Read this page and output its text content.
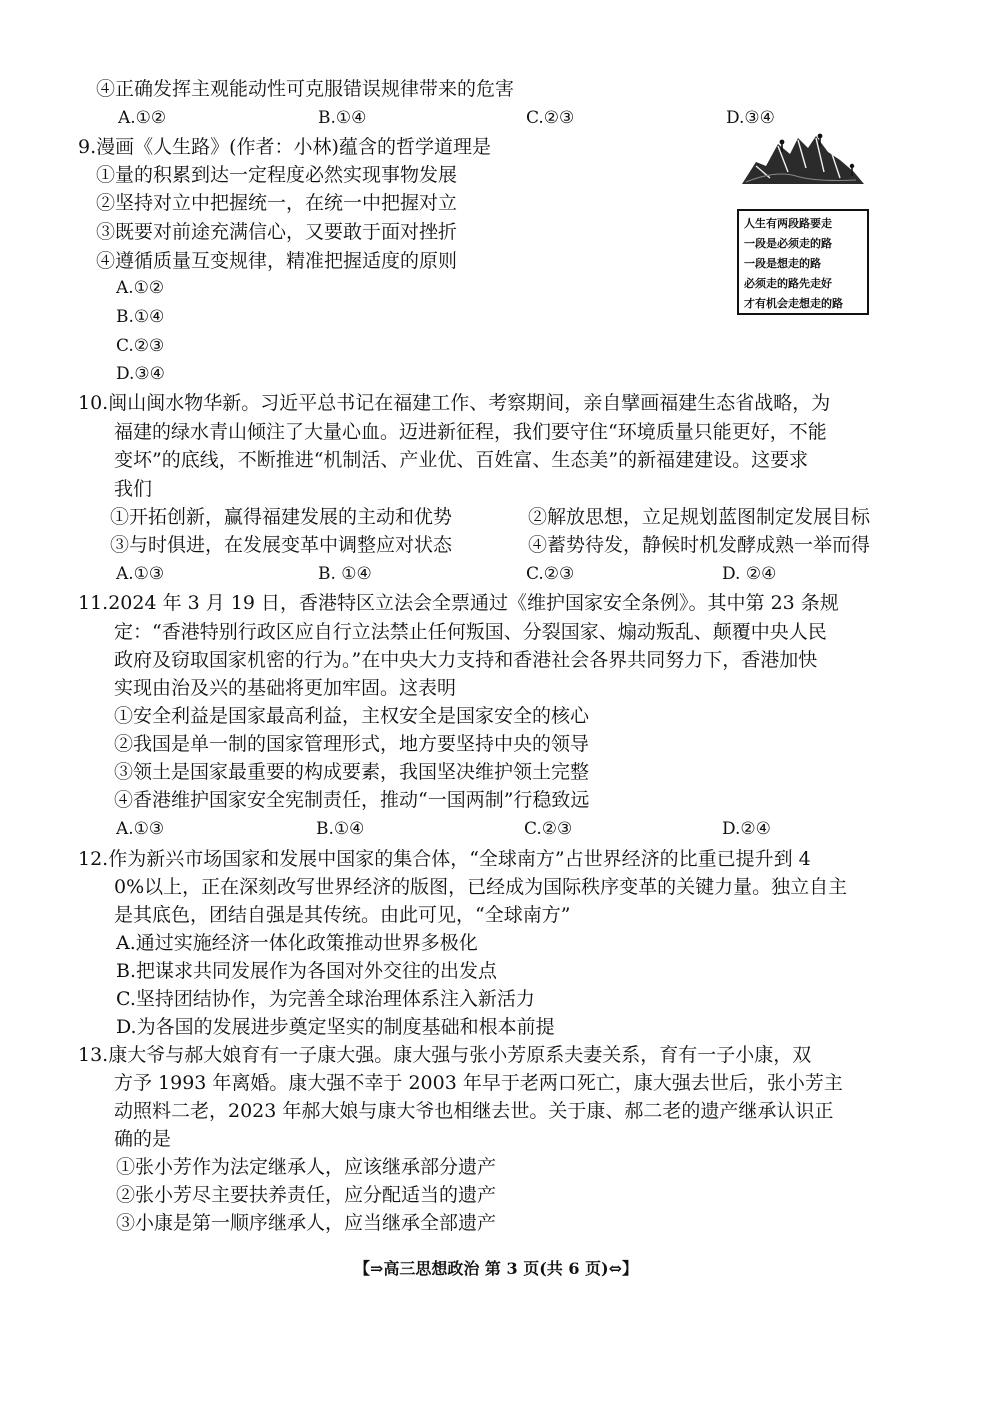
④正确发挥主观能动性可克服错误规律带来的危害
A.①②	B.①④	C.②③	D.③④
9.漫画《人生路》(作者：小林)蕴含的哲学道理是
①量的积累到达一定程度必然实现事物发展
②坚持对立中把握统一，在统一中把握对立
③既要对前途充满信心，又要敢于面对挫折
④遵循质量互变规律，精准把握适度的原则
A.①②
B.①④
C.②③
D.③④
人生有两段路要走
一段是必须走的路
一段是想走的路
必须走的路先走好
才有机会走想走的路
10.闽山闽水物华新。习近平总书记在福建工作、考察期间，亲自擘画福建生态省战略，为
福建的绿水青山倾注了大量心血。迈进新征程，我们要守住“环境质量只能更好，不能
变坏”的底线，不断推进“机制活、产业优、百姓富、生态美”的新福建建设。这要求
我们
①开拓创新，赢得福建发展的主动和优势	②解放思想，立足规划蓝图制定发展目标
③与时俱进，在发展变革中调整应对状态	④蓄势待发，静候时机发酵成熟一举而得
A.①③	B. ①④	C.②③	D. ②④
11.2024 年 3 月 19 日，香港特区立法会全票通过《维护国家安全条例》。其中第 23 条规
定：“香港特别行政区应自行立法禁止任何叛国、分裂国家、煽动叛乱、颠覆中央人民
政府及窃取国家机密的行为。”在中央大力支持和香港社会各界共同努力下，香港加快
实现由治及兴的基础将更加牢固。这表明
①安全利益是国家最高利益，主权安全是国家安全的核心
②我国是单一制的国家管理形式，地方要坚持中央的领导
③领土是国家最重要的构成要素，我国坚决维护领土完整
④香港维护国家安全宪制责任，推动“一国两制”行稳致远
A.①③	B.①④	C.②③	D.②④
12.作为新兴市场国家和发展中国家的集合体，“全球南方”占世界经济的比重已提升到 4
0%以上，正在深刻改写世界经济的版图，已经成为国际秩序变革的关键力量。独立自主
是其底色，团结自强是其传统。由此可见，“全球南方”
A.通过实施经济一体化政策推动世界多极化
B.把谋求共同发展作为各国对外交往的出发点
C.坚持团结协作，为完善全球治理体系注入新活力
D.为各国的发展进步奠定坚实的制度基础和根本前提
13.康大爷与郝大娘育有一子康大强。康大强与张小芳原系夫妻关系，育有一子小康，双
方予 1993 年离婚。康大强不幸于 2003 年早于老两口死亡，康大强去世后，张小芳主
动照料二老，2023 年郝大娘与康大爷也相继去世。关于康、郝二老的遗产继承认识正
确的是
①张小芳作为法定继承人，应该继承部分遗产
②张小芳尽主要扶养责任，应分配适当的遗产
③小康是第一顺序继承人，应当继承全部遗产
【⇒高三思想政治 第 3 页(共 6 页)⇔】
